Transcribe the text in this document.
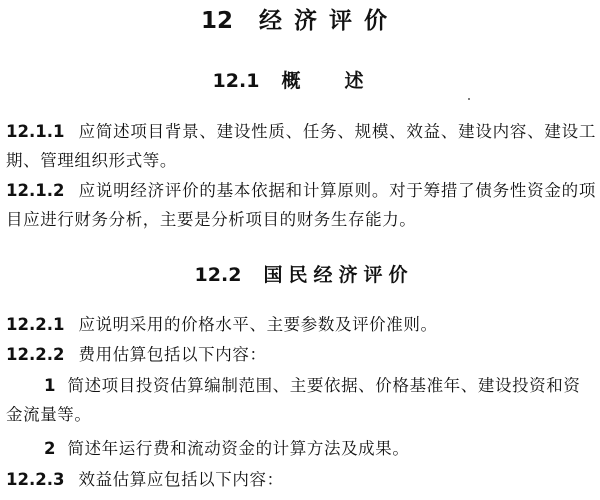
12 经济评价
12.1 概述
12.1.1 应简述项目背景、建设性质、任务、规模、效益、建设内容、建设工期、管理组织形式等。
12.1.2 应说明经济评价的基本依据和计算原则。对于筹措了债务性资金的项目应进行财务分析，主要是分析项目的财务生存能力。
12.2 国民经济评价
12.2.1 应说明采用的价格水平、主要参数及评价准则。
12.2.2 费用估算包括以下内容：
1 简述项目投资估算编制范围、主要依据、价格基准年、建设投资和资金流量等。
2 简述年运行费和流动资金的计算方法及成果。
12.2.3 效益估算应包括以下内容：
